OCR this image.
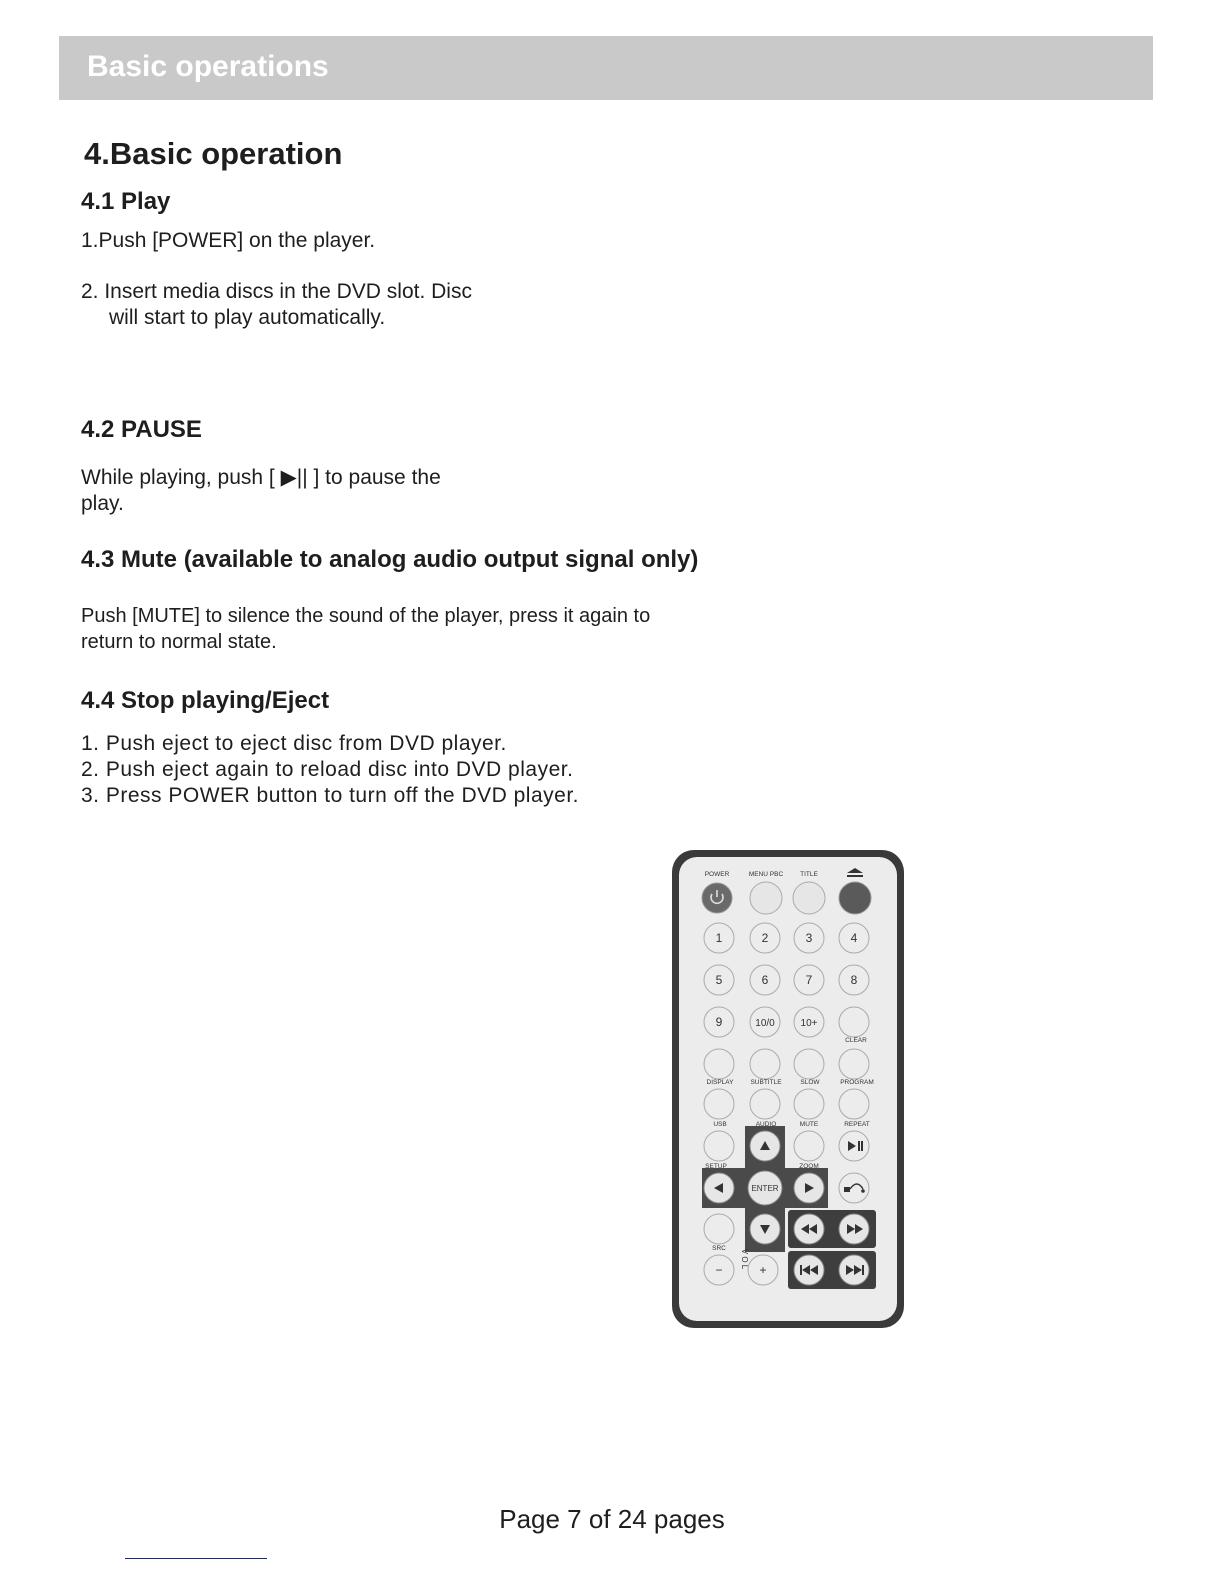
Basic operations
4.Basic operation
4.1 Play
1.Push [POWER] on the player.
2. Insert media discs in the DVD slot. Disc
will start to play automatically.
4.2 PAUSE
While playing, push [ ▶|| ] to pause the
play.
4.3 Mute (available to analog audio output signal only)
Push [MUTE] to silence the sound of the player, press it again to
return to normal state.
4.4 Stop playing/Eject
1. Push eject to eject disc from DVD player.
2. Push eject again to reload disc into DVD player.
3. Press POWER button to turn off the DVD player.
POWER	MENU PBC	TITLE
1	2	3	4
5	6	7	8
9	10/0	10+
CLEAR
DISPLAY	SUBTITLE	SLOW	PROGRAM
USB	MUTE	REPEAT
AUDIO
SETUP	ZOOM
ENTER
SRC
−
V O L
+
Page 7 of 24 pages
